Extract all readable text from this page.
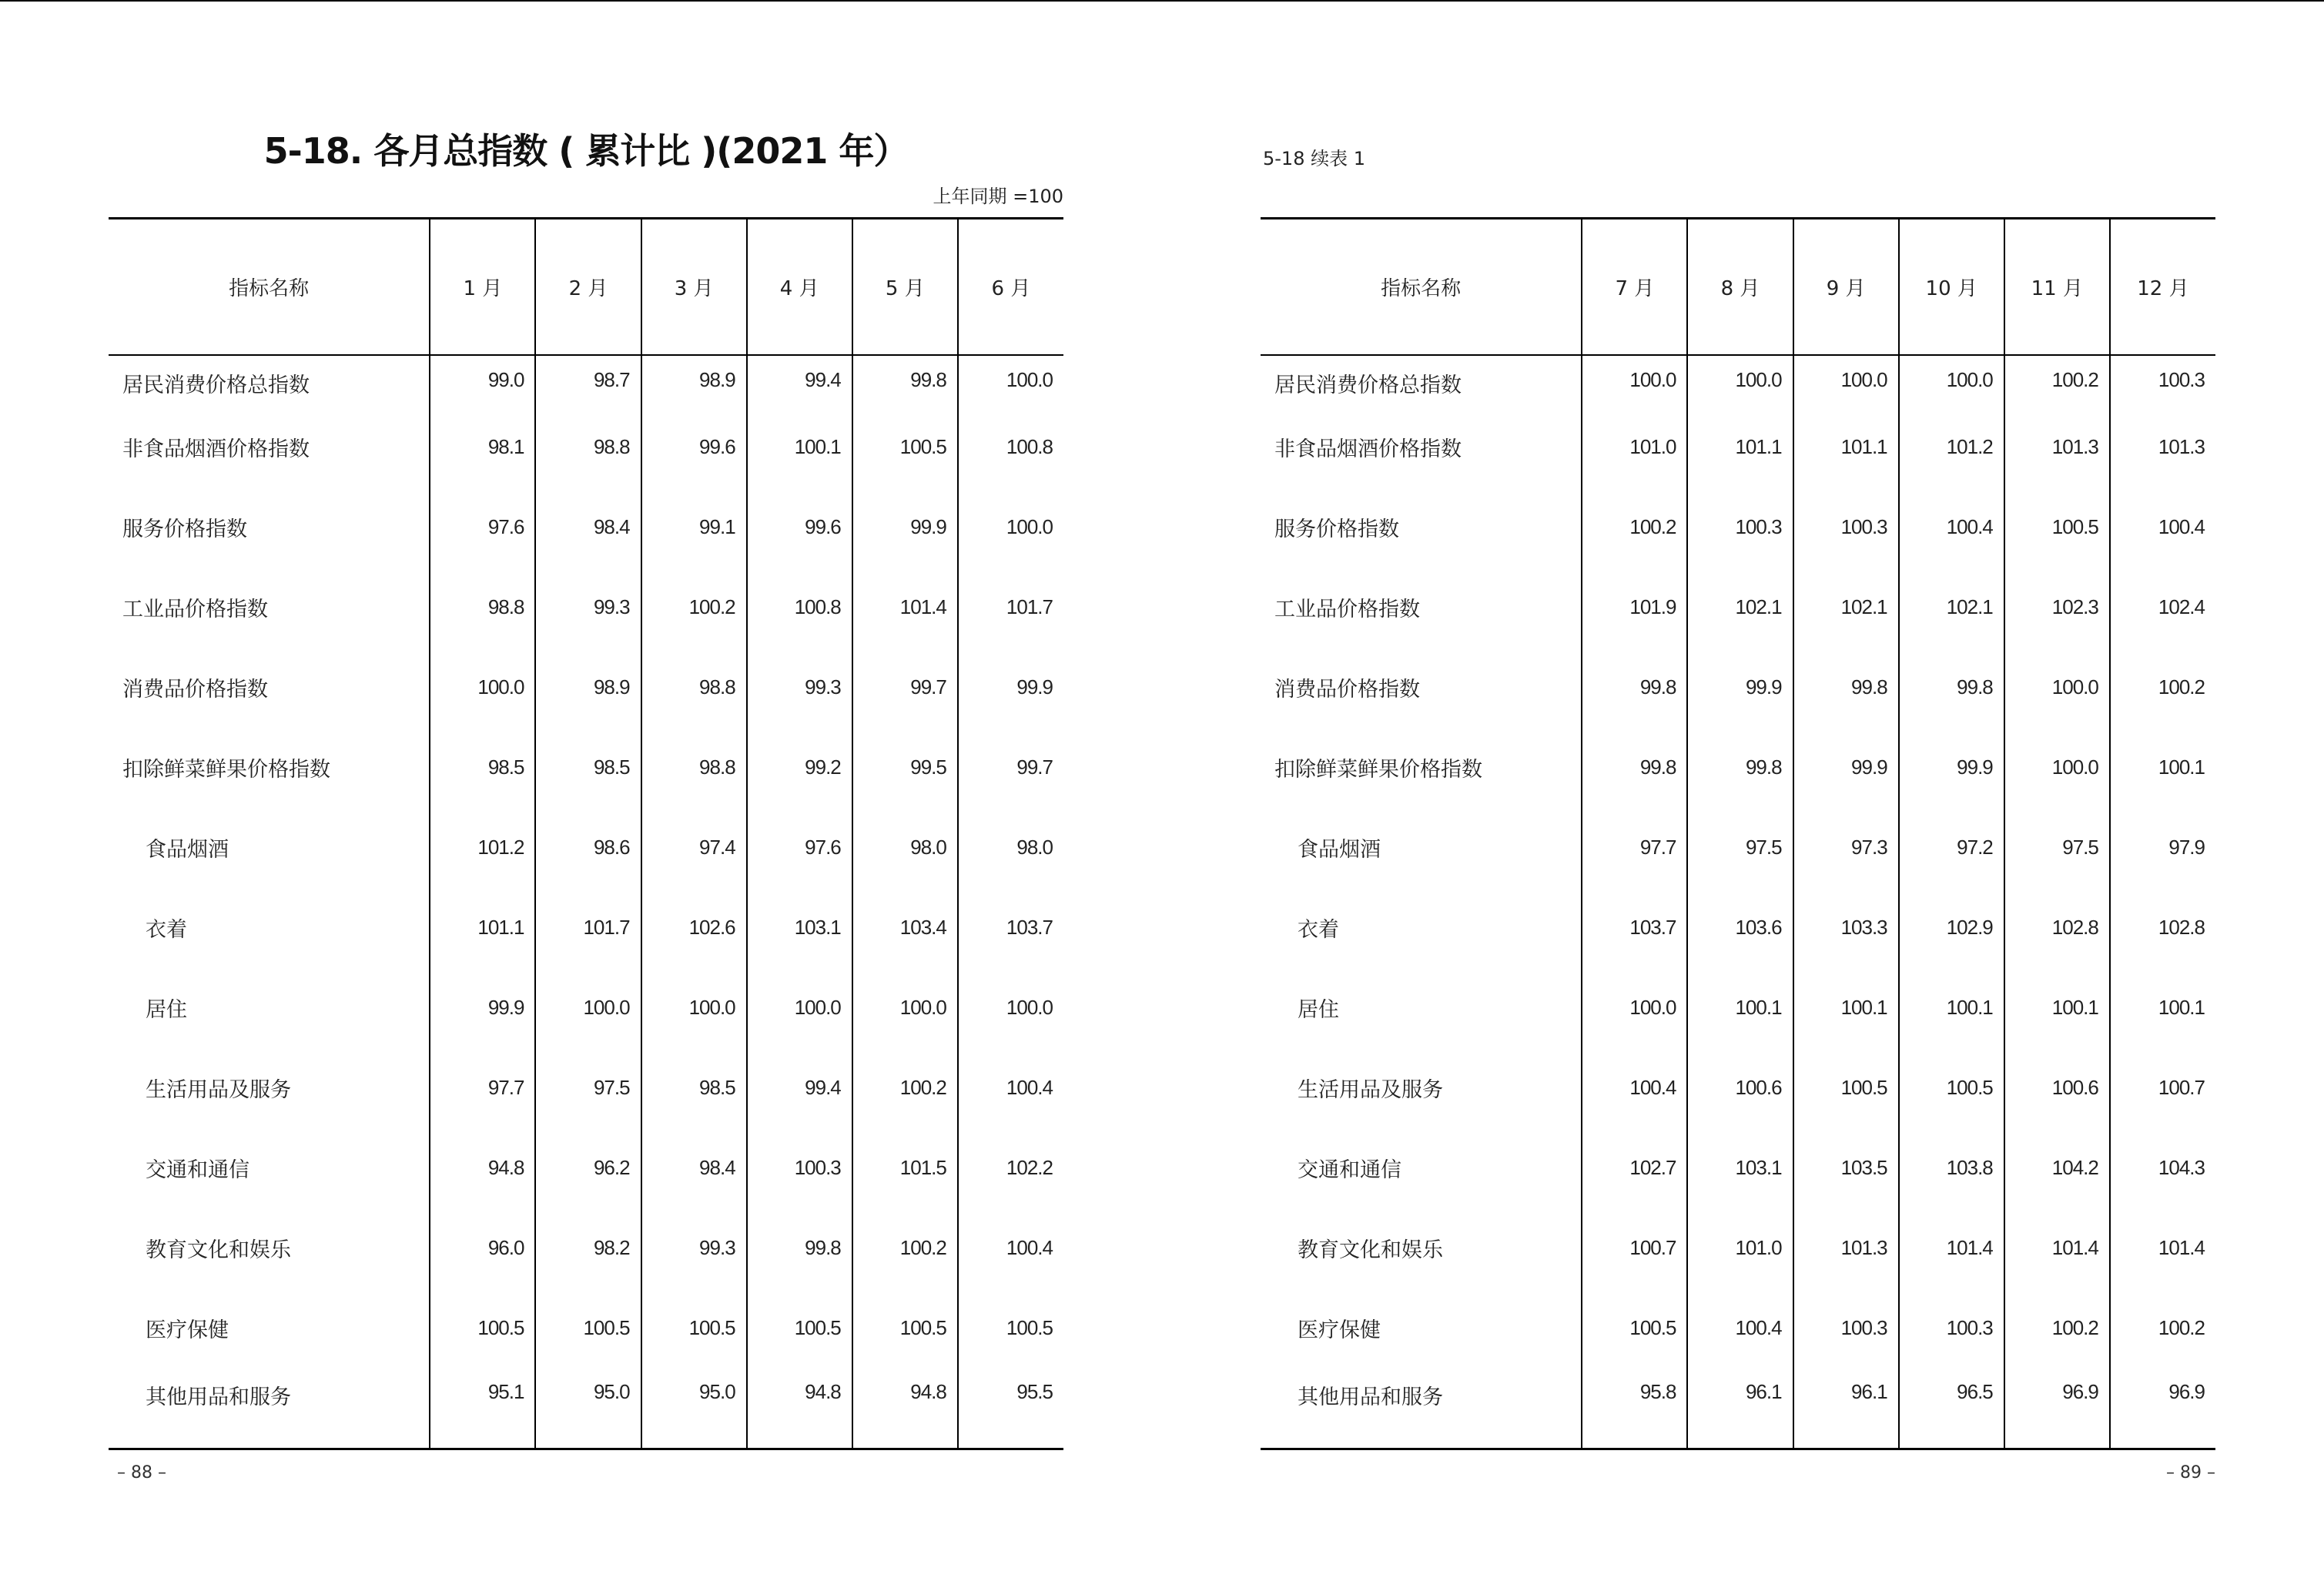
5-18. 各月总指数 ( 累计比 )(2021 年）
上年同期 =100
指标名称	1 月	2 月	3 月	4 月	5 月	6 月
居民消费价格总指数	99.0	98.7	98.9	99.4	99.8	100.0
非食品烟酒价格指数	98.1	98.8	99.6	100.1	100.5	100.8
服务价格指数	97.6	98.4	99.1	99.6	99.9	100.0
工业品价格指数	98.8	99.3	100.2	100.8	101.4	101.7
消费品价格指数	100.0	98.9	98.8	99.3	99.7	99.9
扣除鲜菜鲜果价格指数	98.5	98.5	98.8	99.2	99.5	99.7
食品烟酒	101.2	98.6	97.4	97.6	98.0	98.0
衣着	101.1	101.7	102.6	103.1	103.4	103.7
居住	99.9	100.0	100.0	100.0	100.0	100.0
生活用品及服务	97.7	97.5	98.5	99.4	100.2	100.4
交通和通信	94.8	96.2	98.4	100.3	101.5	102.2
教育文化和娱乐	96.0	98.2	99.3	99.8	100.2	100.4
医疗保健	100.5	100.5	100.5	100.5	100.5	100.5
其他用品和服务	95.1	95.0	95.0	94.8	94.8	95.5
– 88 –
5-18 续表 1
指标名称	7 月	8 月	9 月	10 月	11 月	12 月
居民消费价格总指数	100.0	100.0	100.0	100.0	100.2	100.3
非食品烟酒价格指数	101.0	101.1	101.1	101.2	101.3	101.3
服务价格指数	100.2	100.3	100.3	100.4	100.5	100.4
工业品价格指数	101.9	102.1	102.1	102.1	102.3	102.4
消费品价格指数	99.8	99.9	99.8	99.8	100.0	100.2
扣除鲜菜鲜果价格指数	99.8	99.8	99.9	99.9	100.0	100.1
食品烟酒	97.7	97.5	97.3	97.2	97.5	97.9
衣着	103.7	103.6	103.3	102.9	102.8	102.8
居住	100.0	100.1	100.1	100.1	100.1	100.1
生活用品及服务	100.4	100.6	100.5	100.5	100.6	100.7
交通和通信	102.7	103.1	103.5	103.8	104.2	104.3
教育文化和娱乐	100.7	101.0	101.3	101.4	101.4	101.4
医疗保健	100.5	100.4	100.3	100.3	100.2	100.2
其他用品和服务	95.8	96.1	96.1	96.5	96.9	96.9
– 89 –
